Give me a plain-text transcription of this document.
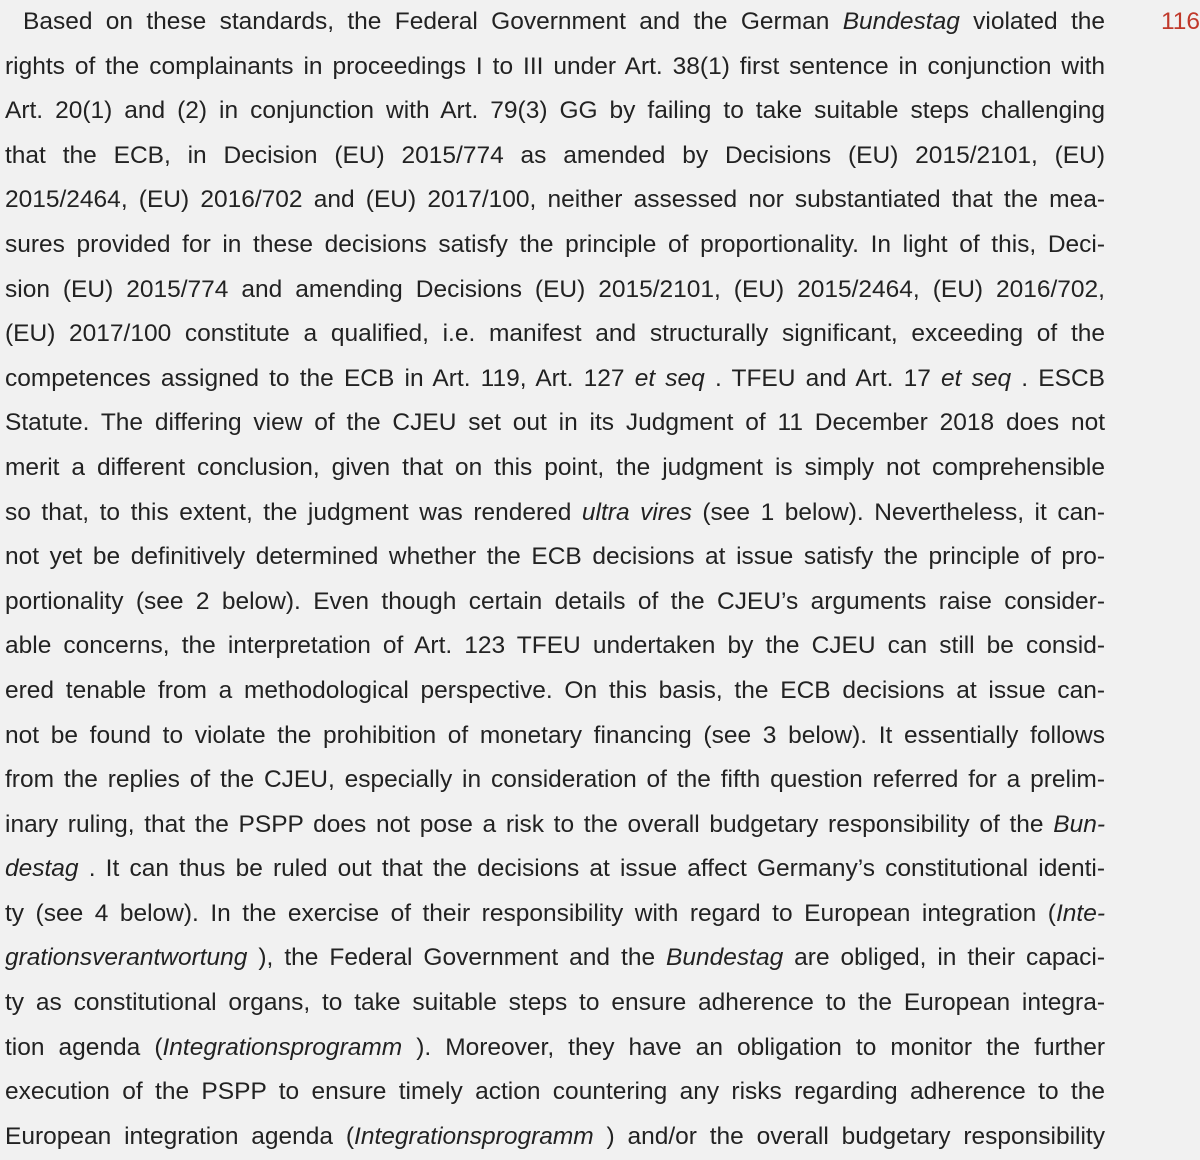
Based on these standards, the Federal Government and the German Bundestag violated the
rights of the complainants in proceedings I to III under Art. 38(1) first sentence in conjunction with
Art. 20(1) and (2) in conjunction with Art. 79(3) GG by failing to take suitable steps challenging
that the ECB, in Decision (EU) 2015/774 as amended by Decisions (EU) 2015/2101, (EU)
2015/2464, (EU) 2016/702 and (EU) 2017/100, neither assessed nor substantiated that the mea-
sures provided for in these decisions satisfy the principle of proportionality. In light of this, Deci-
sion (EU) 2015/774 and amending Decisions (EU) 2015/2101, (EU) 2015/2464, (EU) 2016/702,
(EU) 2017/100 constitute a qualified, i.e. manifest and structurally significant, exceeding of the
competences assigned to the ECB in Art. 119, Art. 127 et seq . TFEU and Art. 17 et seq . ESCB
Statute. The differing view of the CJEU set out in its Judgment of 11 December 2018 does not
merit a different conclusion, given that on this point, the judgment is simply not comprehensible
so that, to this extent, the judgment was rendered ultra vires (see 1 below). Nevertheless, it can-
not yet be definitively determined whether the ECB decisions at issue satisfy the principle of pro-
portionality (see 2 below). Even though certain details of the CJEU’s arguments raise consider-
able concerns, the interpretation of Art. 123 TFEU undertaken by the CJEU can still be consid-
ered tenable from a methodological perspective. On this basis, the ECB decisions at issue can-
not be found to violate the prohibition of monetary financing (see 3 below). It essentially follows
from the replies of the CJEU, especially in consideration of the fifth question referred for a prelim-
inary ruling, that the PSPP does not pose a risk to the overall budgetary responsibility of the Bun-
destag . It can thus be ruled out that the decisions at issue affect Germany’s constitutional identi-
ty (see 4 below). In the exercise of their responsibility with regard to European integration (Inte-
grationsverantwortung ), the Federal Government and the Bundestag are obliged, in their capaci-
ty as constitutional organs, to take suitable steps to ensure adherence to the European integra-
tion agenda (Integrationsprogramm ). Moreover, they have an obligation to monitor the further
execution of the PSPP to ensure timely action countering any risks regarding adherence to the
European integration agenda (Integrationsprogramm ) and/or the overall budgetary responsibility
116
